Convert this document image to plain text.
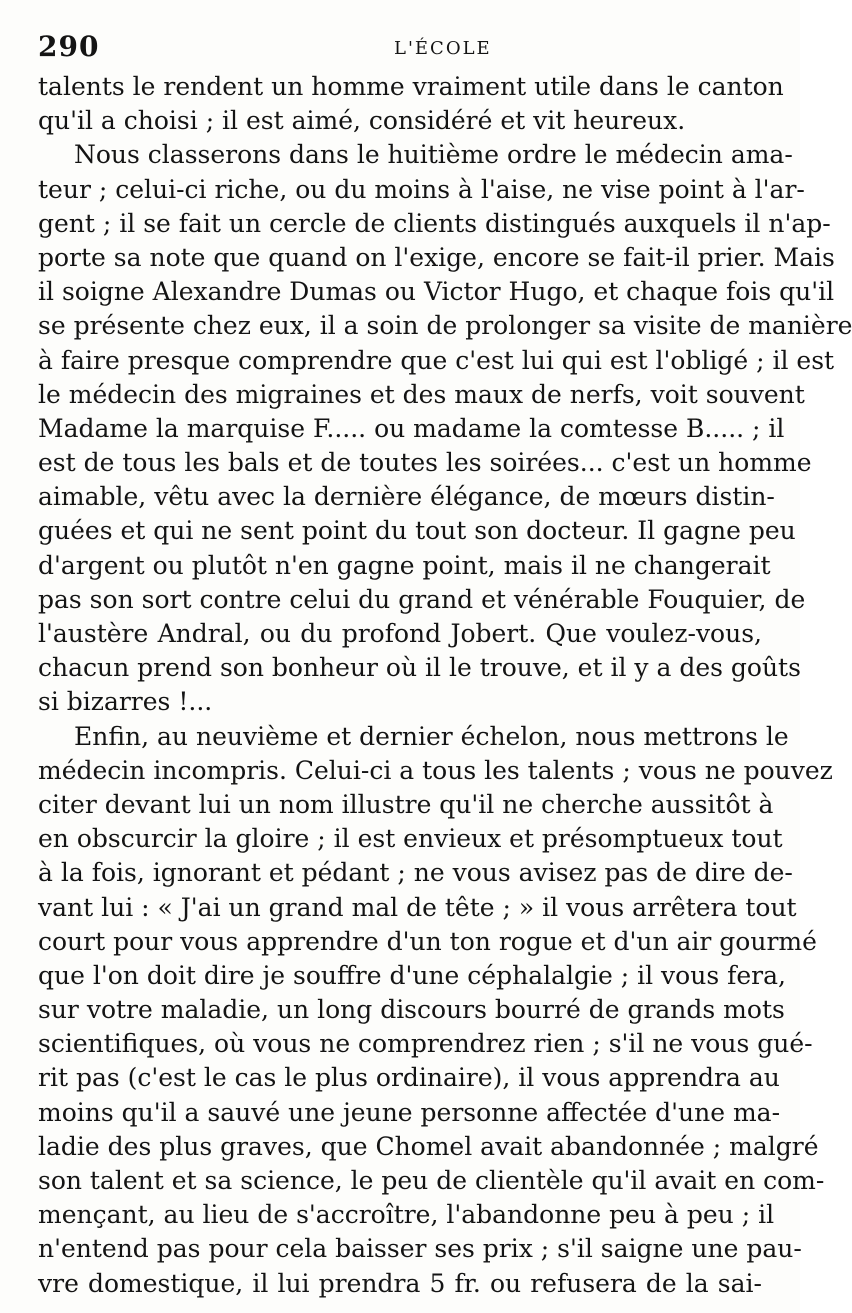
290	L'ÉCOLE
talents le rendent un homme vraiment utile dans le canton
qu'il a choisi ; il est aimé, considéré et vit heureux.
Nous classerons dans le huitième ordre le médecin ama-
teur ; celui-ci riche, ou du moins à l'aise, ne vise point à l'ar-
gent ; il se fait un cercle de clients distingués auxquels il n'ap-
porte sa note que quand on l'exige, encore se fait-il prier. Mais
il soigne Alexandre Dumas ou Victor Hugo, et chaque fois qu'il
se présente chez eux, il a soin de prolonger sa visite de manière
à faire presque comprendre que c'est lui qui est l'obligé ; il est
le médecin des migraines et des maux de nerfs, voit souvent
Madame la marquise F..... ou madame la comtesse B..... ; il
est de tous les bals et de toutes les soirées... c'est un homme
aimable, vêtu avec la dernière élégance, de mœurs distin-
guées et qui ne sent point du tout son docteur. Il gagne peu
d'argent ou plutôt n'en gagne point, mais il ne changerait
pas son sort contre celui du grand et vénérable Fouquier, de
l'austère Andral, ou du profond Jobert. Que voulez-vous,
chacun prend son bonheur où il le trouve, et il y a des goûts
si bizarres !...
Enfin, au neuvième et dernier échelon, nous mettrons le
médecin incompris. Celui-ci a tous les talents ; vous ne pouvez
citer devant lui un nom illustre qu'il ne cherche aussitôt à
en obscurcir la gloire ; il est envieux et présomptueux tout
à la fois, ignorant et pédant ; ne vous avisez pas de dire de-
vant lui : « J'ai un grand mal de tête ; » il vous arrêtera tout
court pour vous apprendre d'un ton rogue et d'un air gourmé
que l'on doit dire je souffre d'une céphalalgie ; il vous fera,
sur votre maladie, un long discours bourré de grands mots
scientifiques, où vous ne comprendrez rien ; s'il ne vous gué-
rit pas (c'est le cas le plus ordinaire), il vous apprendra au
moins qu'il a sauvé une jeune personne affectée d'une ma-
ladie des plus graves, que Chomel avait abandonnée ; malgré
son talent et sa science, le peu de clientèle qu'il avait en com-
mençant, au lieu de s'accroître, l'abandonne peu à peu ; il
n'entend pas pour cela baisser ses prix ; s'il saigne une pau-
vre domestique, il lui prendra 5 fr. ou refusera de la sai-
